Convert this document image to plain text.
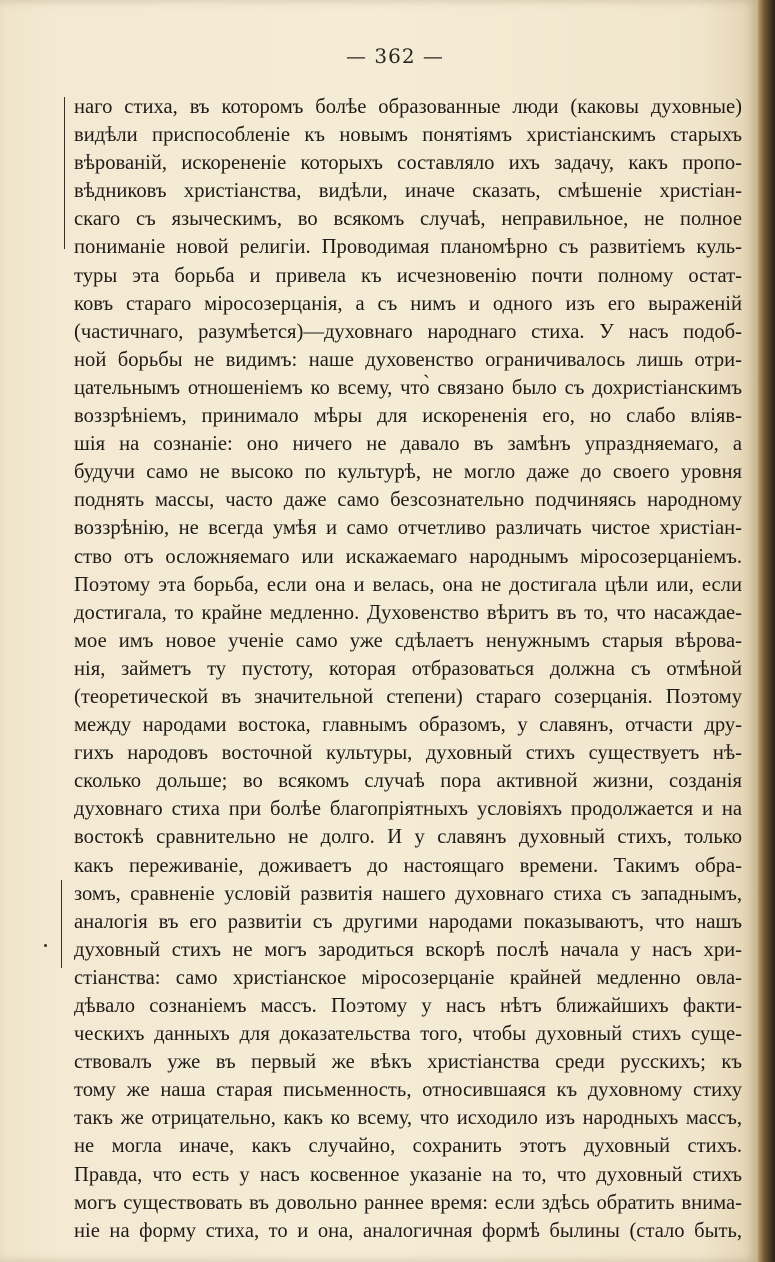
— 362 —
наго стиха, въ которомъ болѣе образованные люди (каковы духовные)
видѣли приспособленіе къ новымъ понятіямъ христіанскимъ старыхъ
вѣрованій, искорененіе которыхъ составляло ихъ задачу, какъ пропо-
вѣдниковъ христіанства, видѣли, иначе сказать, смѣшеніе христіан-
скаго съ языческимъ, во всякомъ случаѣ, неправильное, не полное
пониманіе новой религіи. Проводимая планомѣрно съ развитіемъ куль-
туры эта борьба и привела къ исчезновенію почти полному остат-
ковъ стараго міросозерцанія, а съ нимъ и одного изъ его выраженій
(частичнаго, разумѣется)—духовнаго народнаго стиха. У насъ подоб-
ной борьбы не видимъ: наше духовенство ограничивалось лишь отри-
цательнымъ отношеніемъ ко всему, что̀ связано было съ дохристіанскимъ
воззрѣніемъ, принимало мѣры для искорененія его, но слабо вліяв-
шія на сознаніе: оно ничего не давало въ замѣнъ упраздняемаго, а
будучи само не высоко по культурѣ, не могло даже до своего уровня
поднять массы, часто даже само безсознательно подчиняясь народному
воззрѣнію, не всегда умѣя и само отчетливо различать чистое христіан-
ство отъ осложняемаго или искажаемаго народнымъ міросозерцаніемъ.
Поэтому эта борьба, если она и велась, она не достигала цѣли или, если
достигала, то крайне медленно. Духовенство вѣритъ въ то, что насаждае-
мое имъ новое ученіе само уже сдѣлаетъ ненужнымъ старыя вѣрова-
нія, займетъ ту пустоту, которая отбразоваться должна съ отмѣной
(теоретической въ значительной степени) стараго созерцанія. Поэтому
между народами востока, главнымъ образомъ, у славянъ, отчасти дру-
гихъ народовъ восточной культуры, духовный стихъ существуетъ нѣ-
сколько дольше; во всякомъ случаѣ пора активной жизни, созданія
духовнаго стиха при болѣе благопріятныхъ условіяхъ продолжается и на
востокѣ сравнительно не долго. И у славянъ духовный стихъ, только
какъ переживаніе, доживаетъ до настоящаго времени. Такимъ обра-
зомъ, сравненіе условій развитія нашего духовнаго стиха съ западнымъ,
аналогія въ его развитіи съ другими народами показываютъ, что нашъ
духовный стихъ не могъ зародиться вскорѣ послѣ начала у насъ хри-
стіанства: само христіанское міросозерцаніе крайней медленно овла-
дѣвало сознаніемъ массъ. Поэтому у насъ нѣтъ ближайшихъ факти-
ческихъ данныхъ для доказательства того, чтобы духовный стихъ суще-
ствовалъ уже въ первый же вѣкъ христіанства среди русскихъ; къ
тому же наша старая письменность, относившаяся къ духовному стиху
такъ же отрицательно, какъ ко всему, что исходило изъ народныхъ массъ,
не могла иначе, какъ случайно, сохранить этотъ духовный стихъ.
Правда, что есть у насъ косвенное указаніе на то, что духовный стихъ
могъ существовать въ довольно раннее время: если здѣсь обратить внима-
ніе на форму стиха, то и она, аналогичная формѣ былины (стало быть,
